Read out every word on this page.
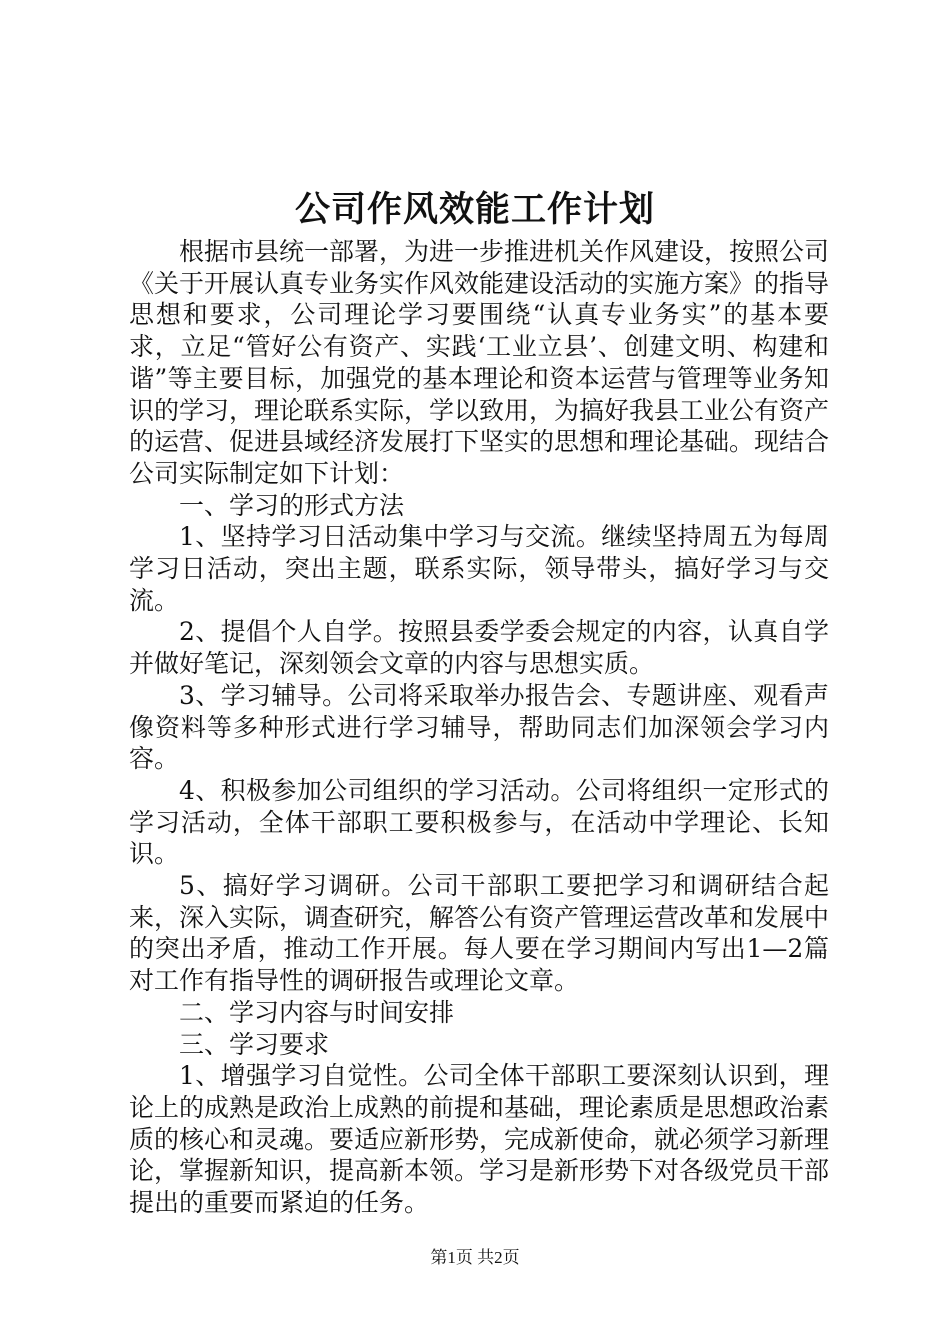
公司作风效能工作计划

根据市县统一部署，为进一步推进机关作风建设，按照公司《关于开展认真专业务实作风效能建设活动的实施方案》的指导思想和要求，公司理论学习要围绕“认真专业务实”的基本要求，立足“管好公有资产、实践‘工业立县’、创建文明、构建和谐”等主要目标，加强党的基本理论和资本运营与管理等业务知识的学习，理论联系实际，学以致用，为搞好我县工业公有资产的运营、促进县域经济发展打下坚实的思想和理论基础。现结合公司实际制定如下计划：

一、学习的形式方法

1、坚持学习日活动集中学习与交流。继续坚持周五为每周学习日活动，突出主题，联系实际，领导带头，搞好学习与交流。

2、提倡个人自学。按照县委学委会规定的内容，认真自学并做好笔记，深刻领会文章的内容与思想实质。

3、学习辅导。公司将采取举办报告会、专题讲座、观看声像资料等多种形式进行学习辅导，帮助同志们加深领会学习内容。

4、积极参加公司组织的学习活动。公司将组织一定形式的学习活动，全体干部职工要积极参与，在活动中学理论、长知识。

5、搞好学习调研。公司干部职工要把学习和调研结合起来，深入实际，调查研究，解答公有资产管理运营改革和发展中的突出矛盾，推动工作开展。每人要在学习期间内写出1—2篇对工作有指导性的调研报告或理论文章。

二、学习内容与时间安排

三、学习要求

1、增强学习自觉性。公司全体干部职工要深刻认识到，理论上的成熟是政治上成熟的前提和基础，理论素质是思想政治素质的核心和灵魂。要适应新形势，完成新使命，就必须学习新理论，掌握新知识，提高新本领。学习是新形势下对各级党员干部提出的重要而紧迫的任务。

第1页 共2页
